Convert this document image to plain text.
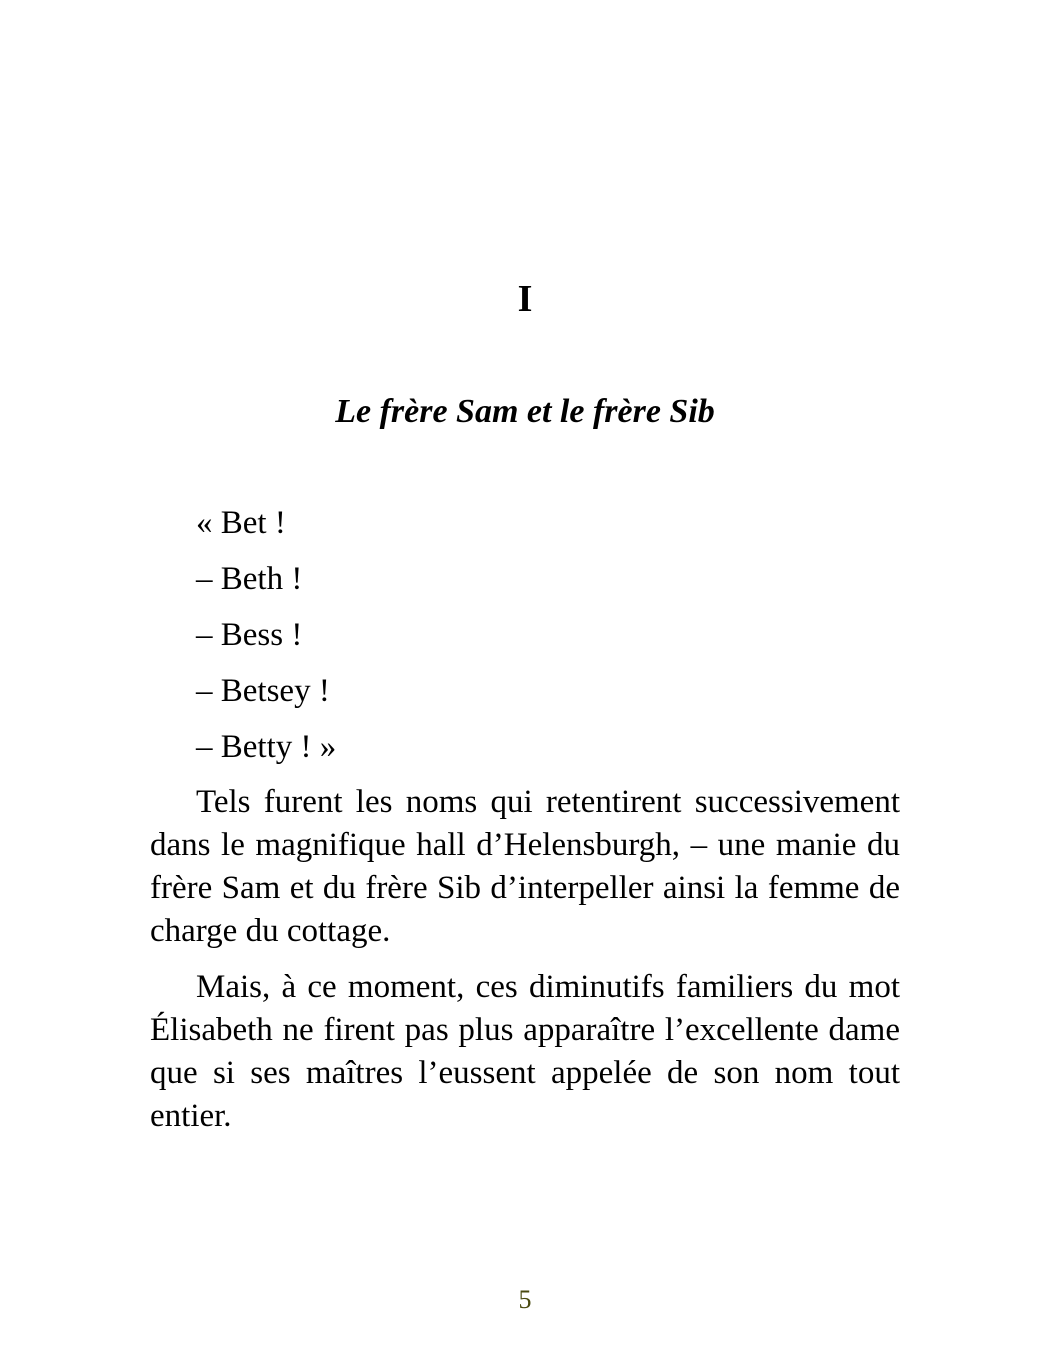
I
Le frère Sam et le frère Sib

« Bet !

– Beth !

– Bess !

– Betsey !

– Betty ! »

Tels furent les noms qui retentirent successivement dans le magnifique hall d’Helensburgh, – une manie du frère Sam et du frère Sib d’interpeller ainsi la femme de charge du cottage.

Mais, à ce moment, ces diminutifs familiers du mot Élisabeth ne firent pas plus apparaître l’excellente dame que si ses maîtres l’eussent appelée de son nom tout entier.

5
